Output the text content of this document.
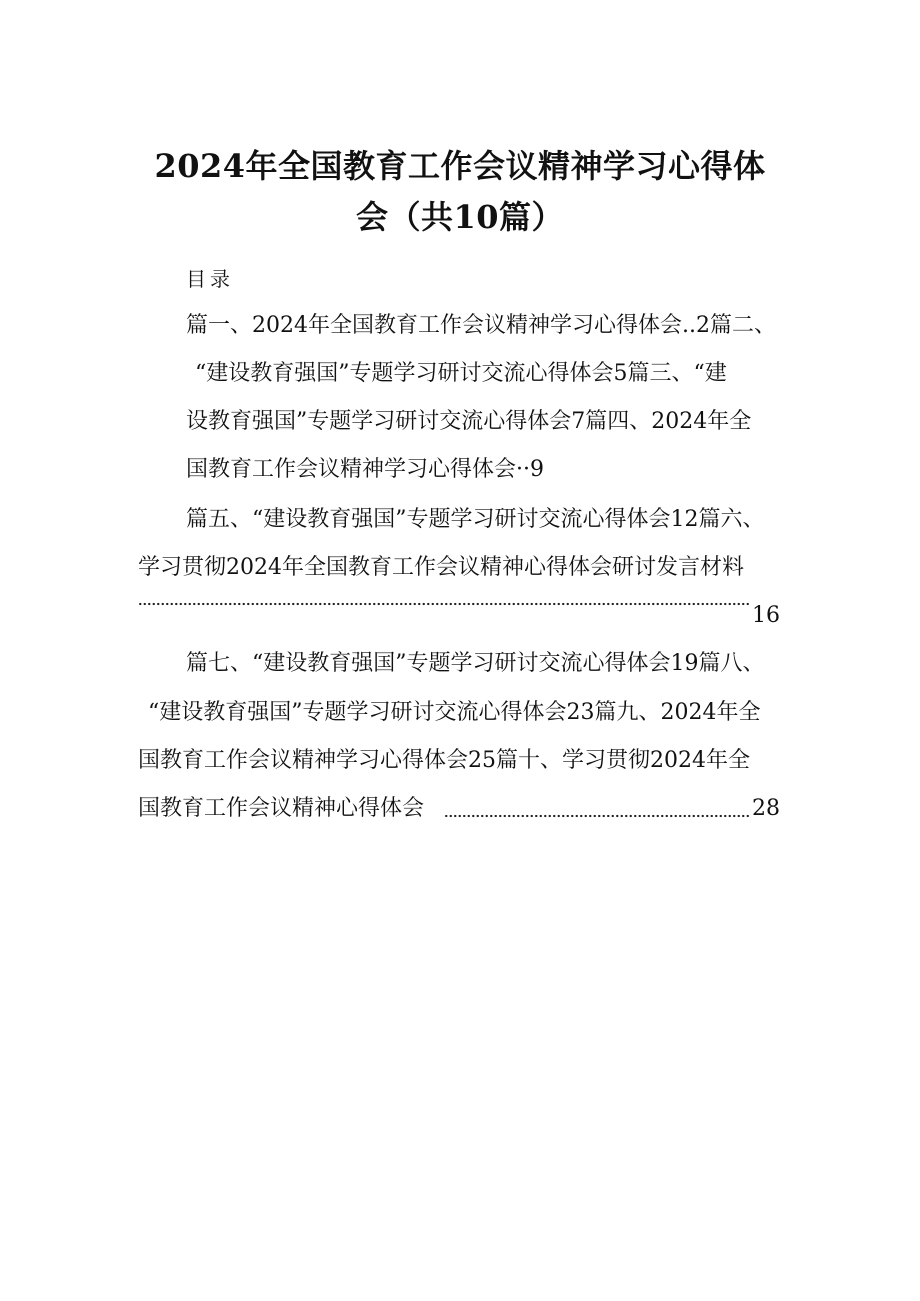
2024年全国教育工作会议精神学习心得体
会（共10篇）
目录
篇一、2024年全国教育工作会议精神学习心得体会..2篇二、
“建设教育强国”专题学习研讨交流心得体会5篇三、“建
设教育强国”专题学习研讨交流心得体会7篇四、2024年全
国教育工作会议精神学习心得体会··9
篇五、“建设教育强国”专题学习研讨交流心得体会12篇六、
学习贯彻2024年全国教育工作会议精神心得体会研讨发言材料
16
篇七、“建设教育强国”专题学习研讨交流心得体会19篇八、
“建设教育强国”专题学习研讨交流心得体会23篇九、2024年全
国教育工作会议精神学习心得体会25篇十、学习贯彻2024年全
国教育工作会议精神心得体会	28
